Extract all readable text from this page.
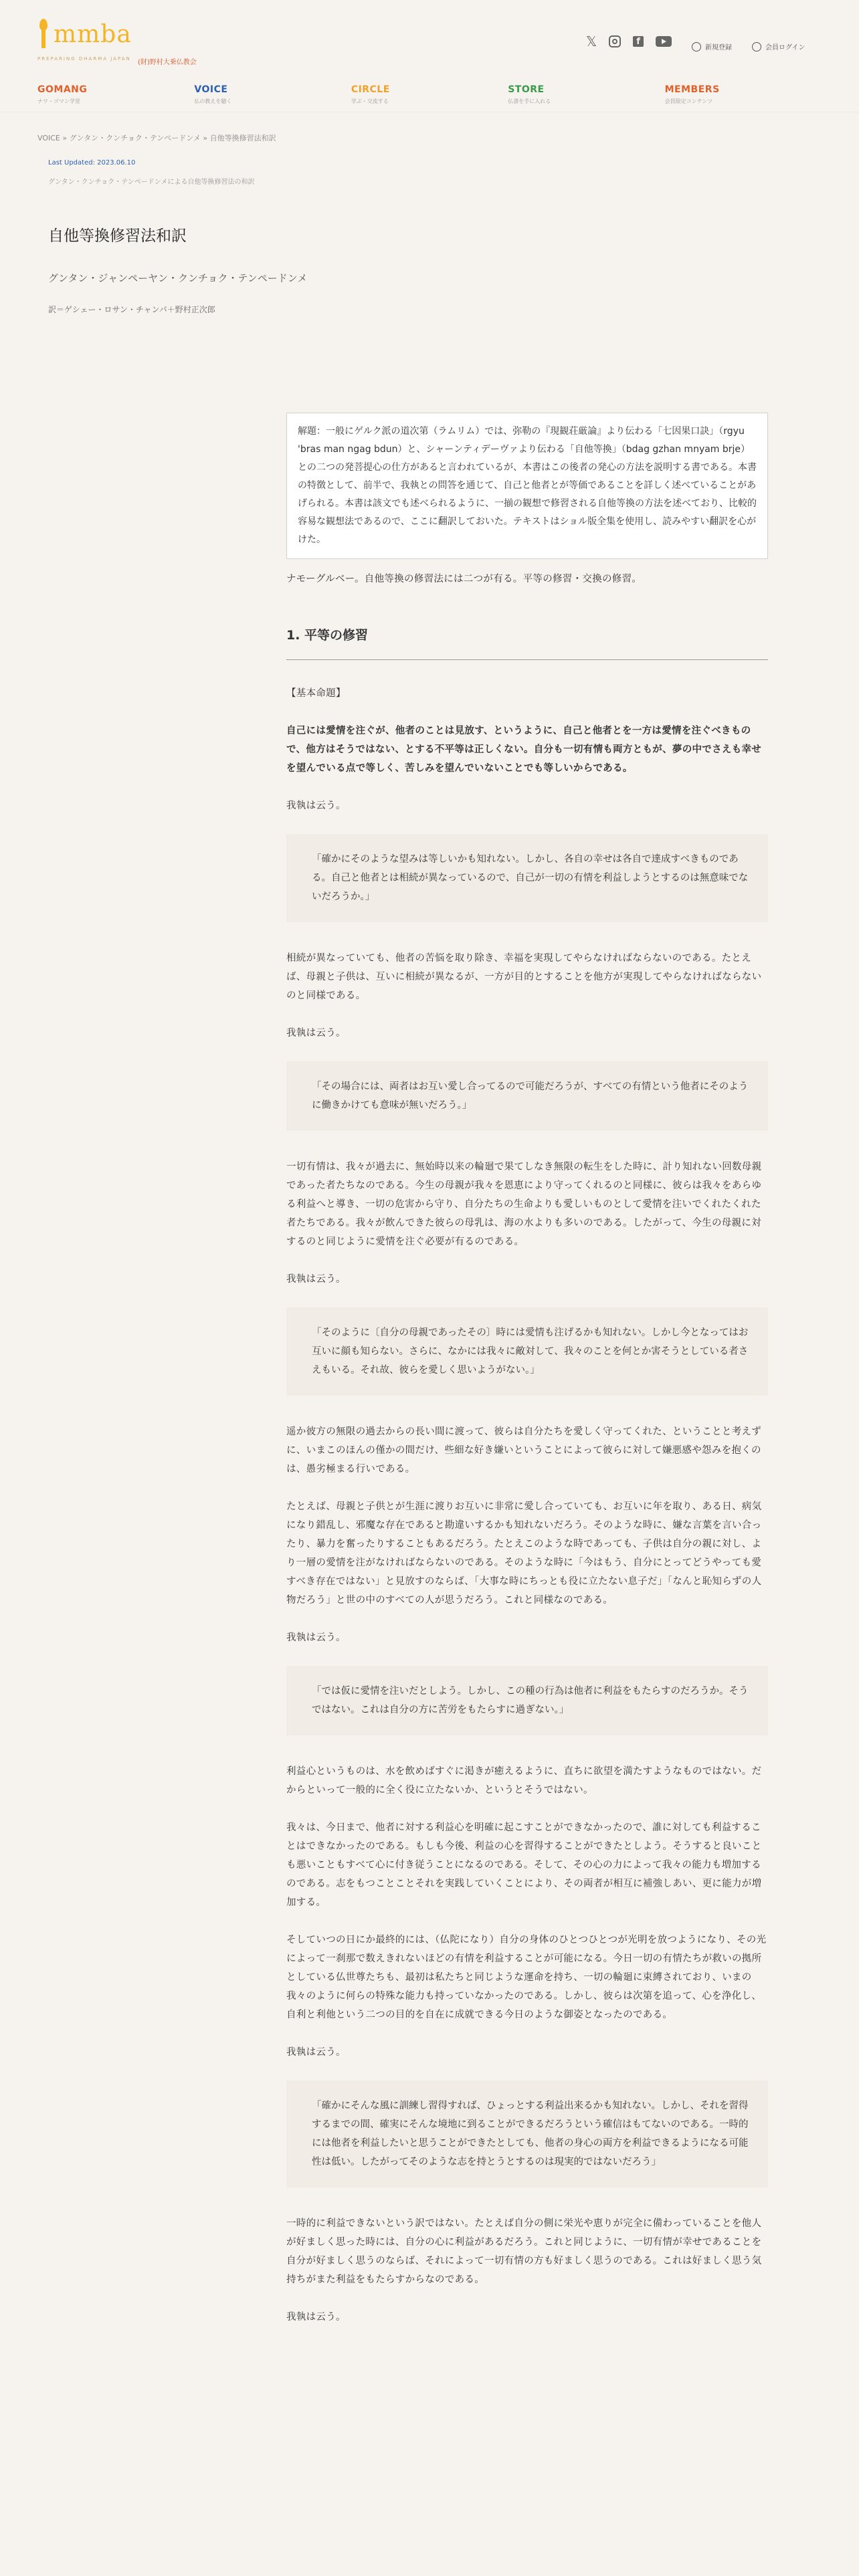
mmba
PREPARING DHARMA JAPAN (財)野村大乗仏教会
𝕏	f
新規登録	会員ログイン
GOMANG
ナワ・ゴマン学堂
VOICE
仏の教えを聴く
CIRCLE
学ぶ・交流する
STORE
仏書を手に入れる
MEMBERS
会員限定コンテンツ
VOICE » グンタン・クンチョク・テンペードンメ » 自他等換修習法和訳
Last Updated: 2023.06.10
グンタン・クンチョク・テンペードンメによる自他等換修習法の和訳
自他等換修習法和訳
グンタン・ジャンペーヤン・クンチョク・テンペードンメ
訳＝ゲシェー・ロサン・チャンパ＋野村正次郎
解題：一般にゲルク派の道次第（ラムリム）では、弥勒の『現観荘厳論』より伝わる「七因果口訣」（rgyu 'bras man ngag bdun）と、シャーンティデーヴァより伝わる「自他等換」（bdag gzhan mnyam brje）との二つの発菩提心の仕方があると言われているが、本書はこの後者の発心の方法を説明する書である。本書の特徴として、前半で、我執との問答を通じて、自己と他者とが等価であることを詳しく述べていることがあげられる。本書は該文でも述べられるように、一揃の観想で修習される自他等換の方法を述べており、比較的容易な観想法であるので、ここに翻訳しておいた。テキストはショル版全集を使用し、読みやすい翻訳を心がけた。

ナモーグルベー。自他等換の修習法には二つが有る。平等の修習・交換の修習。

1. 平等の修習

【基本命題】

自己には愛情を注ぐが、他者のことは見放す、というように、自己と他者とを一方は愛情を注ぐべきもので、他方はそうではない、とする不平等は正しくない。自分も一切有情も両方ともが、夢の中でさえも幸せを望んでいる点で等しく、苦しみを望んでいないことでも等しいからである。

我執は云う。

「確かにそのような望みは等しいかも知れない。しかし、各自の幸せは各自で達成すべきものである。自己と他者とは相続が異なっているので、自己が一切の有情を利益しようとするのは無意味でないだろうか。」

相続が異なっていても、他者の苦悩を取り除き、幸福を実現してやらなければならないのである。たとえば、母親と子供は、互いに相続が異なるが、一方が目的とすることを他方が実現してやらなければならないのと同様である。

我執は云う。

「その場合には、両者はお互い愛し合ってるので可能だろうが、すべての有情という他者にそのように働きかけても意味が無いだろう。」

一切有情は、我々が過去に、無始時以来の輪廻で果てしなき無限の転生をした時に、計り知れない回数母親であった者たちなのである。今生の母親が我々を恩恵により守ってくれるのと同様に、彼らは我々をあらゆる利益へと導き、一切の危害から守り、自分たちの生命よりも愛しいものとして愛情を注いでくれたくれた者たちである。我々が飲んできた彼らの母乳は、海の水よりも多いのである。したがって、今生の母親に対するのと同じように愛情を注ぐ必要が有るのである。

我執は云う。

「そのように〔自分の母親であったその〕時には愛情も注げるかも知れない。しかし今となってはお互いに顔も知らない。さらに、なかには我々に敵対して、我々のことを何とか害そうとしている者さえもいる。それ故、彼らを愛しく思いようがない。」

遥か彼方の無限の過去からの長い間に渡って、彼らは自分たちを愛しく守ってくれた、ということと考えずに、いまこのほんの僅かの間だけ、些細な好き嫌いということによって彼らに対して嫌悪感や怨みを抱くのは、愚劣極まる行いである。

たとえば、母親と子供とが生涯に渡りお互いに非常に愛し合っていても、お互いに年を取り、ある日、病気になり錯乱し、邪魔な存在であると勘違いするかも知れないだろう。そのような時に、嫌な言葉を言い合ったり、暴力を奮ったりすることもあるだろう。たとえこのような時であっても、子供は自分の親に対し、より一層の愛情を注がなければならないのである。そのような時に「今はもう、自分にとってどうやっても愛すべき存在ではない」と見放すのならば、「大事な時にちっとも役に立たない息子だ」「なんと恥知らずの人物だろう」と世の中のすべての人が思うだろう。これと同様なのである。

我執は云う。

「では仮に愛情を注いだとしよう。しかし、この種の行為は他者に利益をもたらすのだろうか。そうではない。これは自分の方に苦労をもたらすに過ぎない。」

利益心というものは、水を飲めばすぐに渇きが癒えるように、直ちに欲望を満たすようなものではない。だからといって一般的に全く役に立たないか、というとそうではない。

我々は、今日まで、他者に対する利益心を明確に起こすことができなかったので、誰に対しても利益することはできなかったのである。もしも今後、利益の心を習得することができたとしよう。そうすると良いことも悪いこともすべて心に付き従うことになるのである。そして、その心の力によって我々の能力も増加するのである。志をもつことことそれを実践していくことにより、その両者が相互に補強しあい、更に能力が増加する。

そしていつの日にか最終的には、（仏陀になり）自分の身体のひとつひとつが光明を放つようになり、その光によって一刹那で数えきれないほどの有情を利益することが可能になる。今日一切の有情たちが救いの拠所としている仏世尊たちも、最初は私たちと同じような運命を持ち、一切の輪廻に束縛されており、いまの我々のように何らの特殊な能力も持っていなかったのである。しかし、彼らは次第を追って、心を浄化し、自利と利他という二つの目的を自在に成就できる今日のような御姿となったのである。

我執は云う。

「確かにそんな風に訓練し習得すれば、ひょっとする利益出来るかも知れない。しかし、それを習得するまでの間、確実にそんな境地に到ることができるだろうという確信はもてないのである。一時的には他者を利益したいと思うことができたとしても、他者の身心の両方を利益できるようになる可能性は低い。したがってそのような志を持とうとするのは現実的ではないだろう」

一時的に利益できないという訳ではない。たとえば自分の側に栄光や恵りが完全に備わっていることを他人が好ましく思った時には、自分の心に利益があるだろう。これと同じように、一切有情が幸せであることを自分が好ましく思うのならば、それによって一切有情の方も好ましく思うのである。これは好ましく思う気持ちがまた利益をもたらすからなのである。

我執は云う。
